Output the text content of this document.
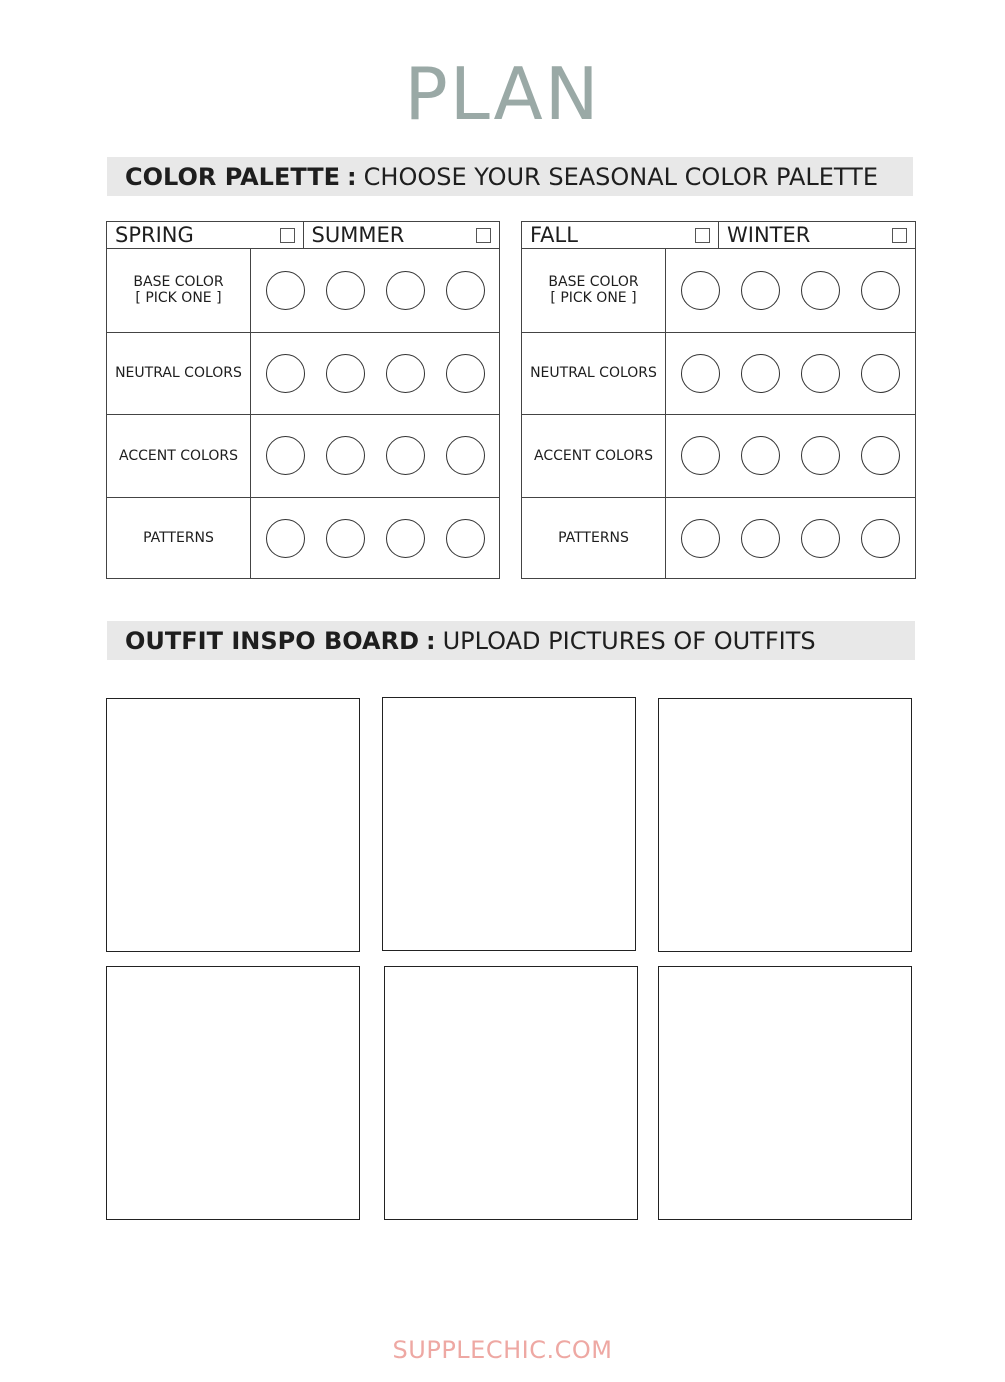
PLAN
COLOR PALETTE : CHOOSE YOUR SEASONAL COLOR PALETTE
SPRING	SUMMER
BASE COLOR
[ PICK ONE ]
NEUTRAL COLORS
ACCENT COLORS
PATTERNS
FALL	WINTER
BASE COLOR
[ PICK ONE ]
NEUTRAL COLORS
ACCENT COLORS
PATTERNS
OUTFIT INSPO BOARD : UPLOAD PICTURES OF OUTFITS
SUPPLECHIC.COM
